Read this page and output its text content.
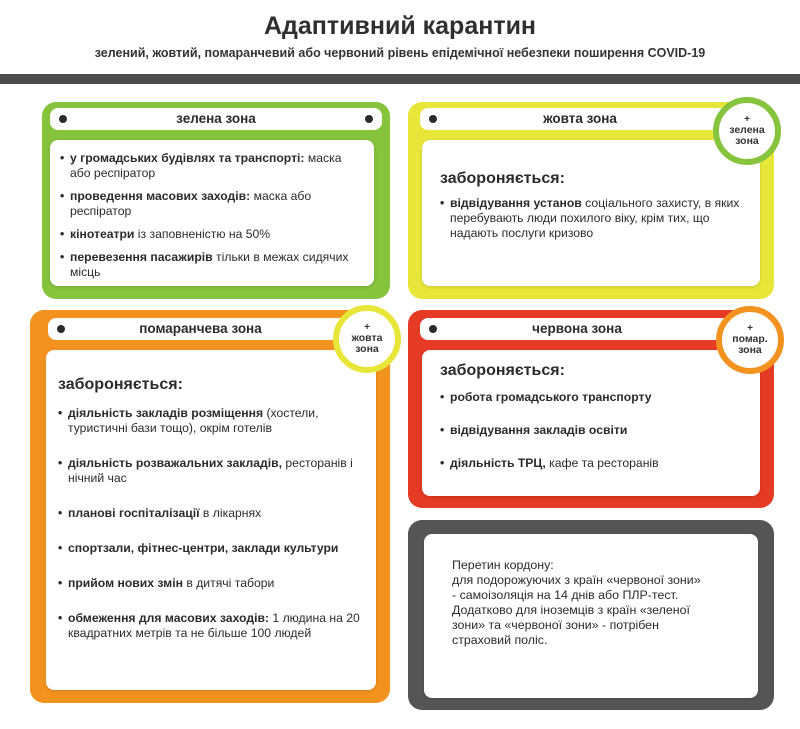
Адаптивний карантин
зелений, жовтий, помаранчевий або червоний рівень епідемічної небезпеки поширення COVID-19
зелена зона
• у громадських будівлях та транспорті: маска або респіратор
• проведення масових заходів: маска або респіратор
• кінотеатри із заповненістю на 50%
• перевезення пасажирів тільки в межах сидячих місць
жовта зона
забороняється:
• відвідування установ соціального захисту, в яких перебувають люди похилого віку, крім тих, що надають послуги кризово
+
зелена
зона
помаранчева зона
забороняється:
• діяльність закладів розміщення (хостели, туристичні бази тощо), окрім готелів
• діяльність розважальних закладів, ресторанів і нічний час
• планові госпіталізації в лікарнях
• спортзали, фітнес-центри, заклади культури
• прийом нових змін в дитячі табори
• обмеження для масових заходів: 1 людина на 20 квадратних метрів та не більше 100 людей
+
жовта
зона
червона зона
забороняється:
• робота громадського транспорту
• відвідування закладів освіти
• діяльність ТРЦ, кафе та ресторанів
+
помар.
зона
Перетин кордону:
для подорожуючих з країн «червоної зони»
- самоізоляція на 14 днів або ПЛР-тест.
Додатково для іноземців з країн «зеленої
зони» та «червоної зони» - потрібен
страховий поліс.
OBOZREVATEL
